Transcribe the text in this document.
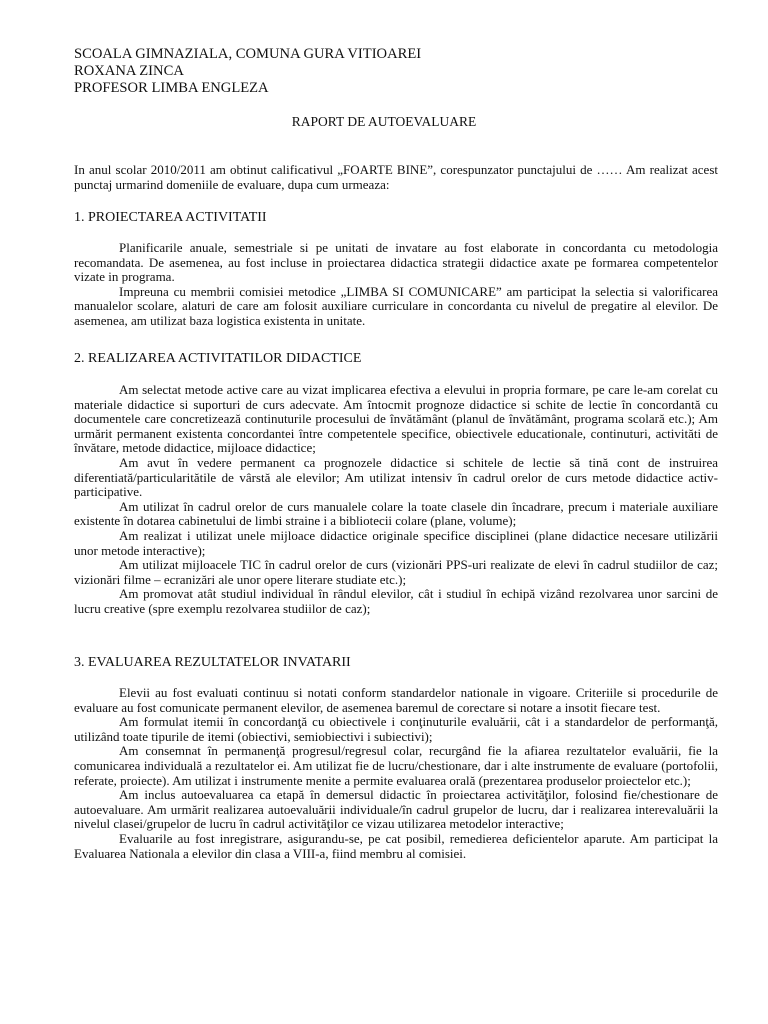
SCOALA GIMNAZIALA, COMUNA GURA VITIOAREI
ROXANA ZINCA
PROFESOR LIMBA ENGLEZA
RAPORT DE AUTOEVALUARE

In anul scolar 2010/2011 am obtinut calificativul „FOARTE BINE”, corespunzator punctajului de …… Am realizat acest punctaj urmarind domeniile de evaluare, dupa cum urmeaza:

1. PROIECTAREA ACTIVITATII

Planificarile anuale, semestriale si pe unitati de invatare au fost elaborate in concordanta cu metodologia recomandata. De asemenea, au fost incluse in proiectarea didactica strategii didactice axate pe formarea competentelor vizate in programa.

Impreuna cu membrii comisiei metodice „LIMBA SI COMUNICARE” am participat la selectia si valorificarea manualelor scolare, alaturi de care am folosit auxiliare curriculare in concordanta cu nivelul de pregatire al elevilor. De asemenea, am utilizat baza logistica existenta in unitate.

2. REALIZAREA ACTIVITATILOR DIDACTICE

Am selectat metode active care au vizat implicarea efectiva a elevului in propria formare, pe care le-am corelat cu materiale didactice si suporturi de curs adecvate. Am întocmit prognoze didactice si schite de lectie în concordantă cu documentele care concretizează continuturile procesului de învătământ (planul de învătământ, programa scolară etc.); Am urmărit permanent existenta concordantei între competentele specifice, obiectivele educationale, continuturi, activităti de învătare, metode didactice, mijloace didactice;

Am avut în vedere permanent ca prognozele didactice si schitele de lectie să tină cont de instruirea diferentiată/particularitătile de vârstă ale elevilor; Am utilizat intensiv în cadrul orelor de curs metode didactice activ-participative.

Am utilizat în cadrul orelor de curs manualele colare la toate clasele din încadrare, precum i materiale auxiliare existente în dotarea cabinetului de limbi straine i a bibliotecii colare (plane, volume);

Am realizat i utilizat unele mijloace didactice originale specifice disciplinei (plane didactice necesare utilizării unor metode interactive);

Am utilizat mijloacele TIC în cadrul orelor de curs (vizionări PPS-uri realizate de elevi în cadrul studiilor de caz; vizionări filme – ecranizări ale unor opere literare studiate etc.);

Am promovat atât studiul individual în rândul elevilor, cât i studiul în echipă vizând rezolvarea unor sarcini de lucru creative (spre exemplu rezolvarea studiilor de caz);

3. EVALUAREA REZULTATELOR INVATARII

Elevii au fost evaluati continuu si notati conform standardelor nationale in vigoare. Criteriile si procedurile de evaluare au fost comunicate permanent elevilor, de asemenea baremul de corectare si notare a insotit fiecare test.

Am formulat itemii în concordanţă cu obiectivele i conţinuturile evaluării, cât i a standardelor de performanţă, utilizând toate tipurile de itemi (obiectivi, semiobiectivi i subiectivi);

Am consemnat în permanenţă progresul/regresul colar, recurgând fie la afiarea rezultatelor evaluării, fie la comunicarea individuală a rezultatelor ei. Am utilizat fie de lucru/chestionare, dar i alte instrumente de evaluare (portofolii, referate, proiecte). Am utilizat i instrumente menite a permite evaluarea orală (prezentarea produselor proiectelor etc.);

Am inclus autoevaluarea ca etapă în demersul didactic în proiectarea activităţilor, folosind fie/chestionare de autoevaluare. Am urmărit realizarea autoevaluării individuale/în cadrul grupelor de lucru, dar i realizarea interevaluării la nivelul clasei/grupelor de lucru în cadrul activităţilor ce vizau utilizarea metodelor interactive;

Evaluarile au fost inregistrare, asigurandu-se, pe cat posibil, remedierea deficientelor aparute. Am participat la Evaluarea Nationala a elevilor din clasa a VIII-a, fiind membru al comisiei.
